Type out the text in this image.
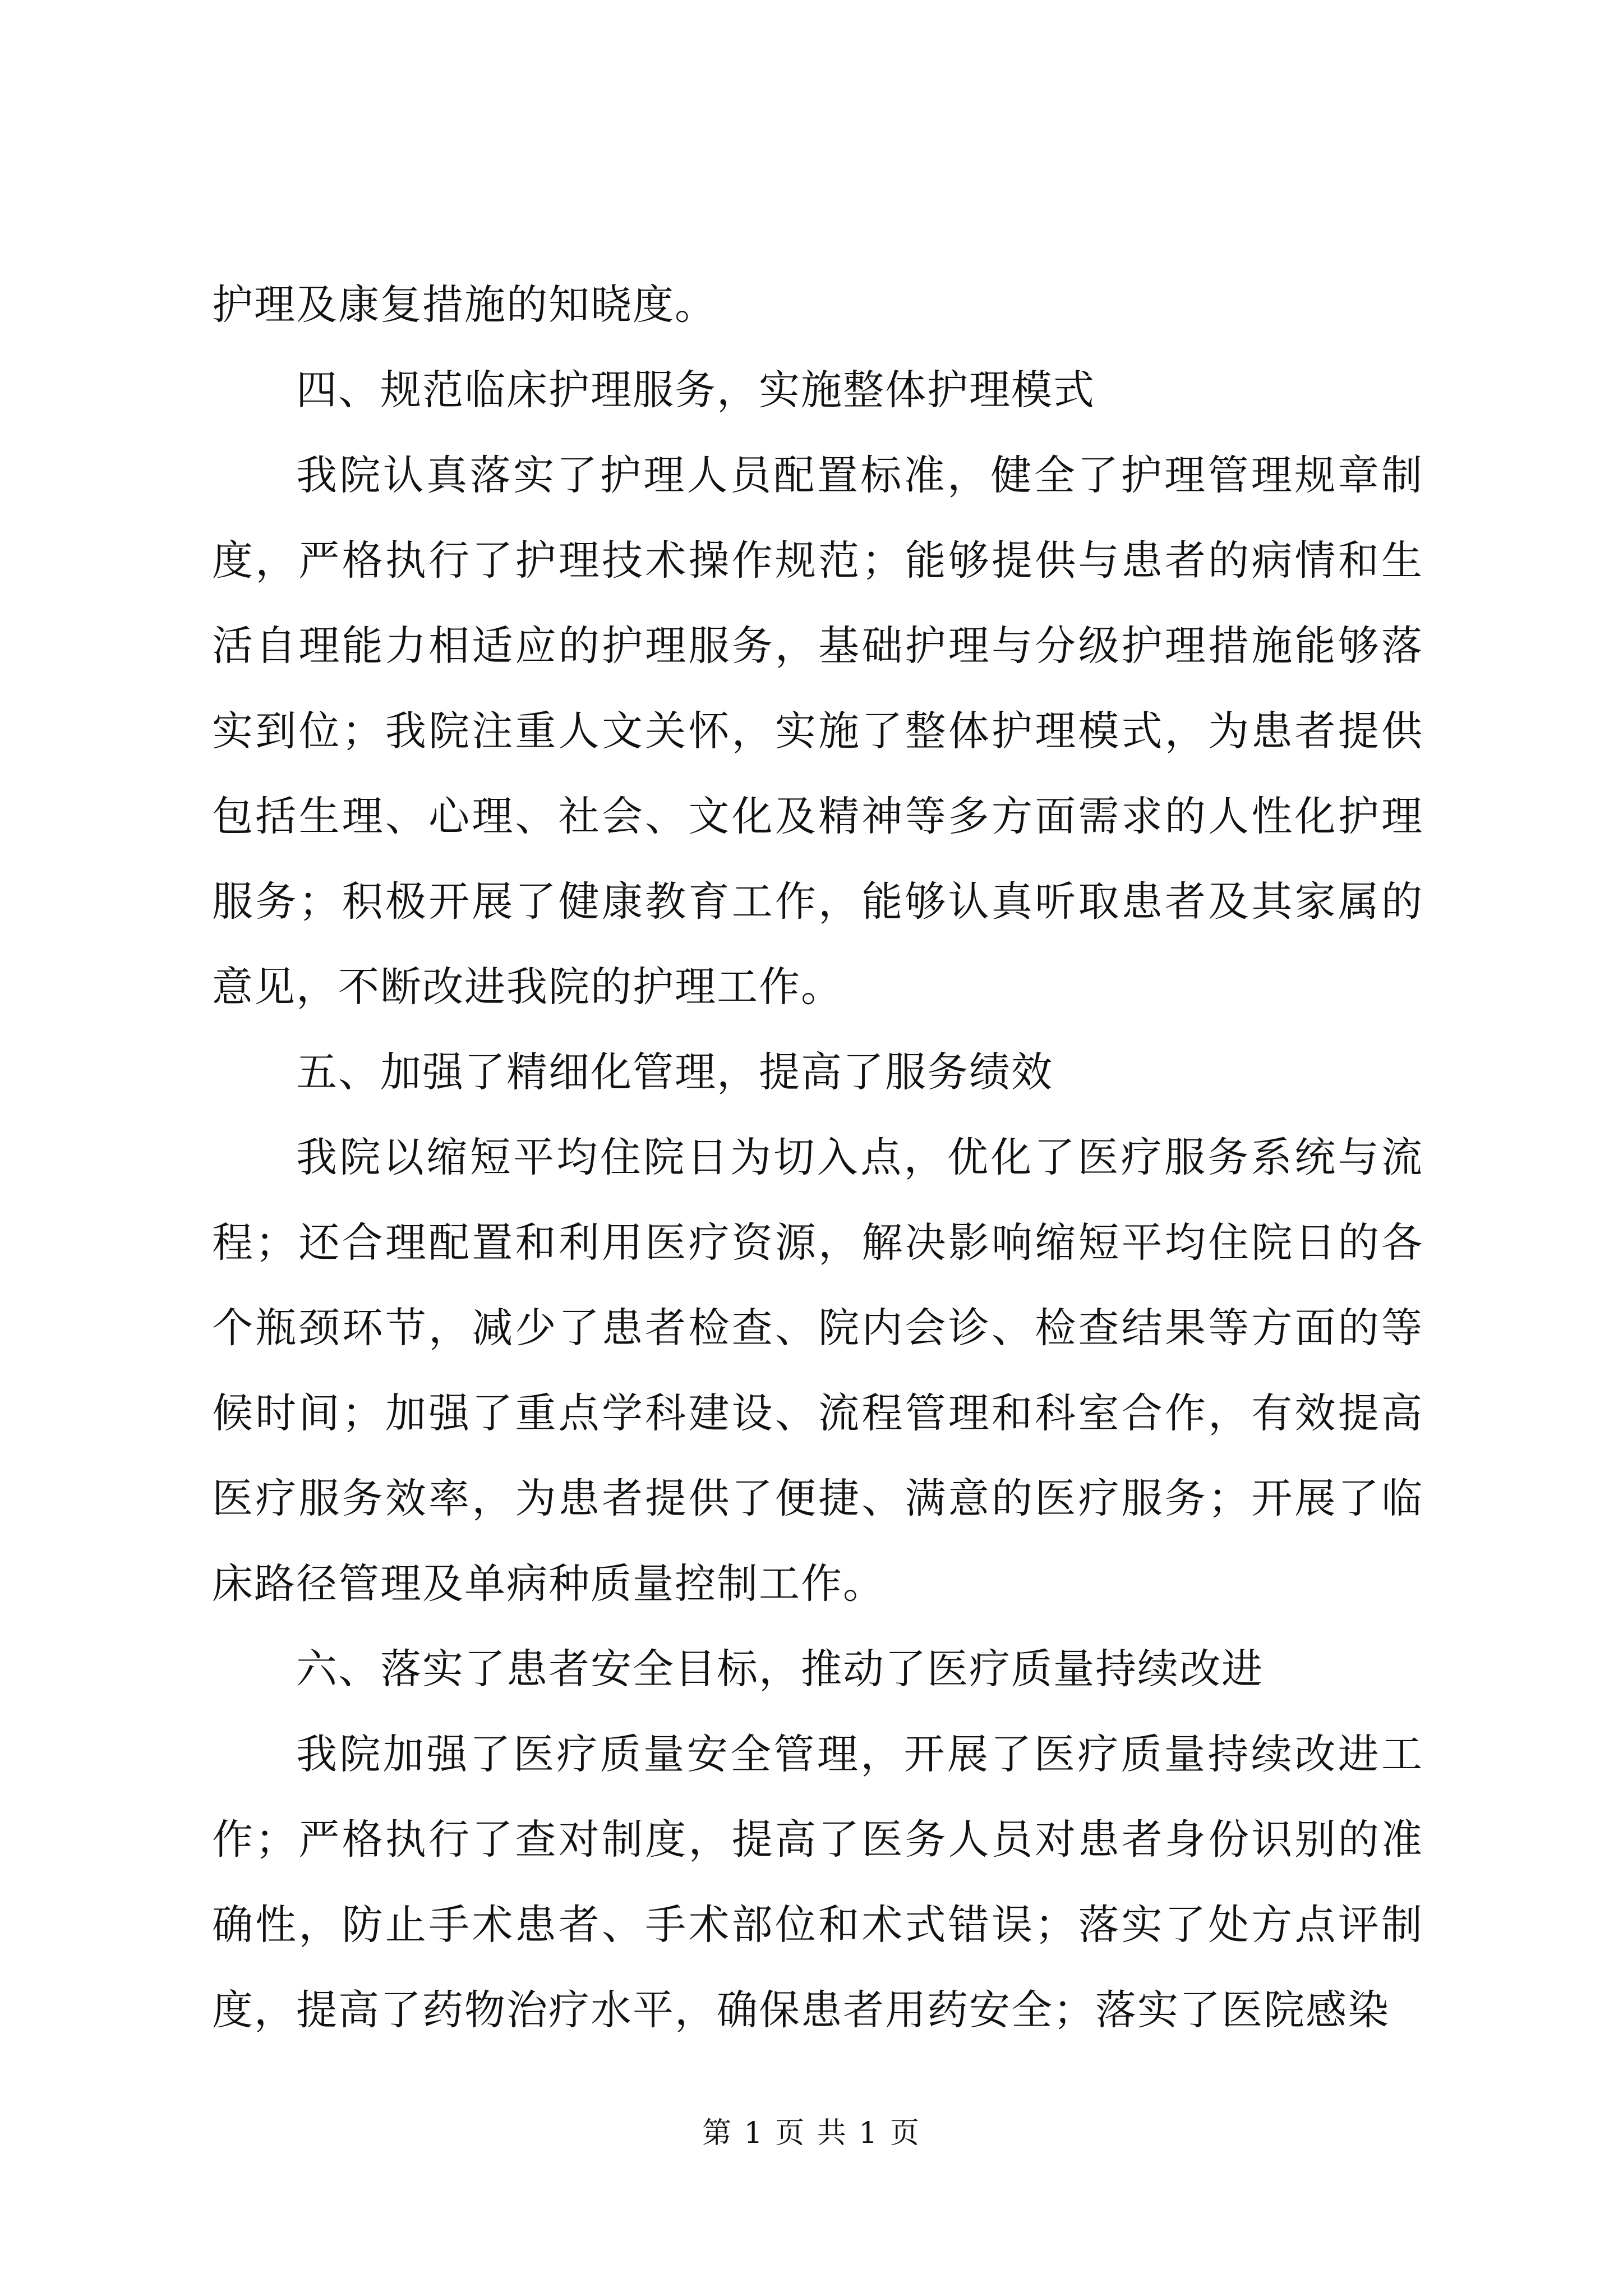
护理及康复措施的知晓度。

四、规范临床护理服务，实施整体护理模式

我院认真落实了护理人员配置标准，健全了护理管理规章制度，严格执行了护理技术操作规范；能够提供与患者的病情和生活自理能力相适应的护理服务，基础护理与分级护理措施能够落实到位；我院注重人文关怀，实施了整体护理模式，为患者提供包括生理、心理、社会、文化及精神等多方面需求的人性化护理服务；积极开展了健康教育工作，能够认真听取患者及其家属的意见，不断改进我院的护理工作。

五、加强了精细化管理，提高了服务绩效

我院以缩短平均住院日为切入点，优化了医疗服务系统与流程；还合理配置和利用医疗资源，解决影响缩短平均住院日的各个瓶颈环节，减少了患者检查、院内会诊、检查结果等方面的等候时间；加强了重点学科建设、流程管理和科室合作，有效提高医疗服务效率，为患者提供了便捷、满意的医疗服务；开展了临床路径管理及单病种质量控制工作。

六、落实了患者安全目标，推动了医疗质量持续改进

我院加强了医疗质量安全管理，开展了医疗质量持续改进工作；严格执行了查对制度，提高了医务人员对患者身份识别的准确性，防止手术患者、手术部位和术式错误；落实了处方点评制度，提高了药物治疗水平，确保患者用药安全；落实了医院感染

第 1 页 共 1 页
